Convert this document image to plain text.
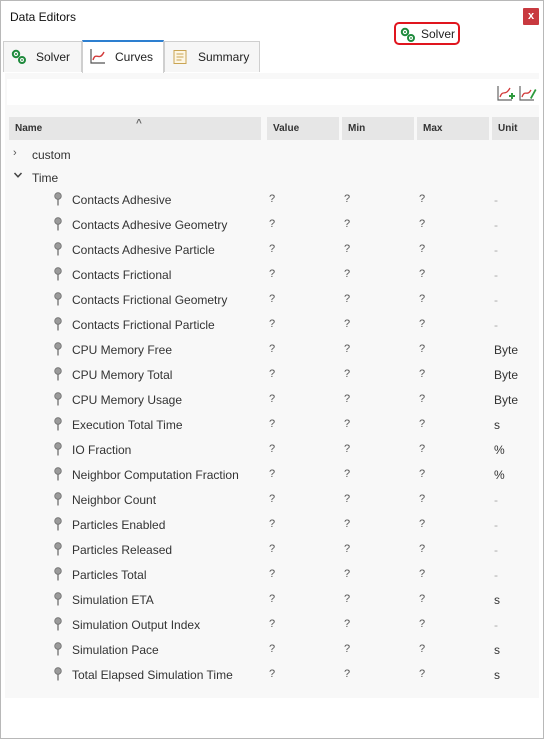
Data Editors	x
Solver
Solver	Curves	Summary
Name	^	Value	Min	Max	Unit
› custom
Time
Contacts Adhesive	?	?	?	-
Contacts Adhesive Geometry	?	?	?	-
Contacts Adhesive Particle	?	?	?	-
Contacts Frictional	?	?	?	-
Contacts Frictional Geometry	?	?	?	-
Contacts Frictional Particle	?	?	?	-
CPU Memory Free	?	?	?	Byte
CPU Memory Total	?	?	?	Byte
CPU Memory Usage	?	?	?	Byte
Execution Total Time	?	?	?	s
IO Fraction	?	?	?	%
Neighbor Computation Fraction	?	?	?	%
Neighbor Count	?	?	?	-
Particles Enabled	?	?	?	-
Particles Released	?	?	?	-
Particles Total	?	?	?	-
Simulation ETA	?	?	?	s
Simulation Output Index	?	?	?	-
Simulation Pace	?	?	?	s
Total Elapsed Simulation Time	?	?	?	s
